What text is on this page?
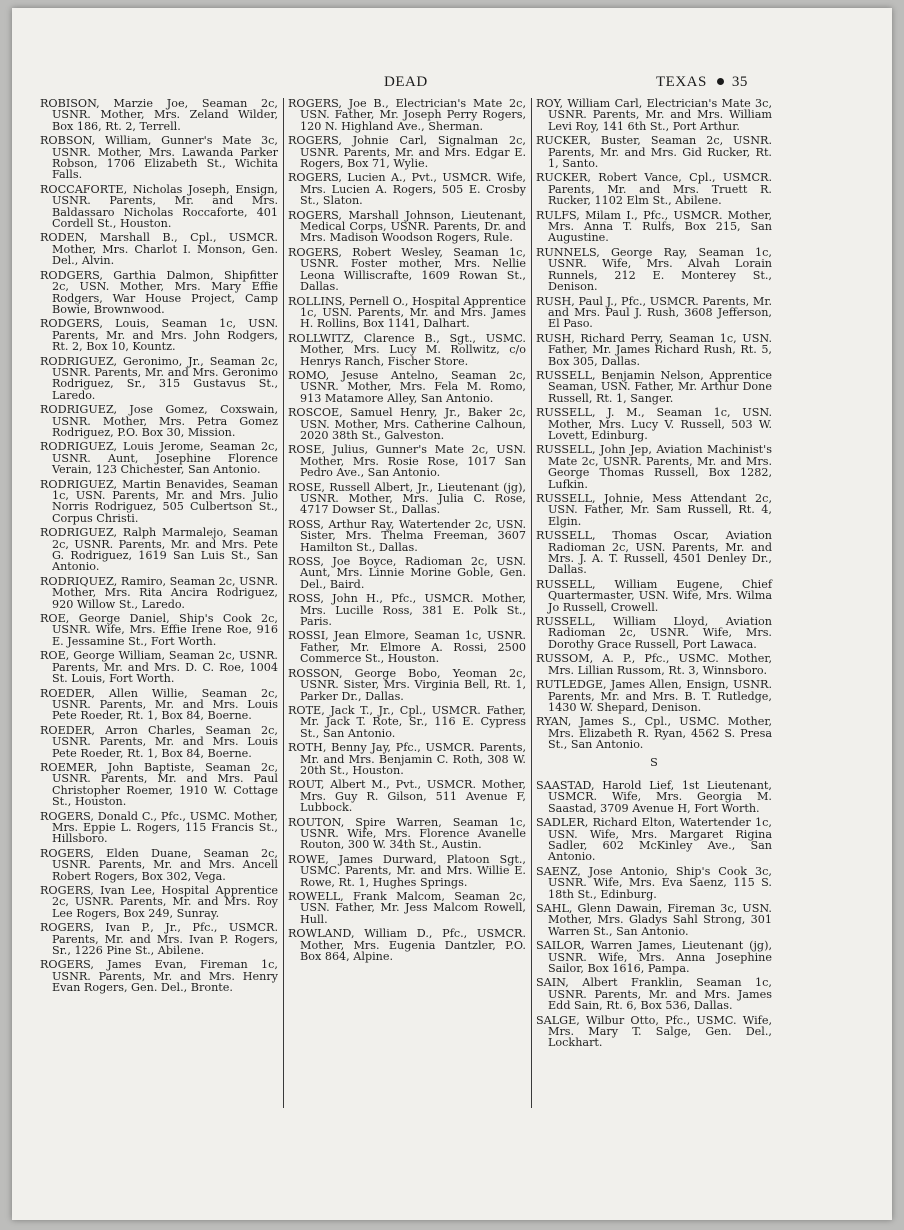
DEAD	TEXAS 35
ROBISON, Marzie Joe, Seaman 2c, USNR. Mother, Mrs. Zeland Wilder, Box 186, Rt. 2, Terrell.
ROBSON, William, Gunner's Mate 3c, USNR. Mother, Mrs. Lawanda Parker Robson, 1706 Elizabeth St., Wichita Falls.
ROCCAFORTE, Nicholas Joseph, Ensign, USNR. Parents, Mr. and Mrs. Baldassaro Nicholas Roccaforte, 401 Cordell St., Houston.
RODEN, Marshall B., Cpl., USMCR. Mother, Mrs. Charlot I. Monson, Gen. Del., Alvin.
RODGERS, Garthia Dalmon, Shipfitter 2c, USN. Mother, Mrs. Mary Effie Rodgers, War House Project, Camp Bowie, Brownwood.
RODGERS, Louis, Seaman 1c, USN. Parents, Mr. and Mrs. John Rodgers, Rt. 2, Box 10, Kountz.
RODRIGUEZ, Geronimo, Jr., Seaman 2c, USNR. Parents, Mr. and Mrs. Geronimo Rodriguez, Sr., 315 Gustavus St., Laredo.
RODRIGUEZ, Jose Gomez, Coxswain, USNR. Mother, Mrs. Petra Gomez Rodriguez, P.O. Box 30, Mission.
RODRIGUEZ, Louis Jerome, Seaman 2c, USNR. Aunt, Josephine Florence Verain, 123 Chichester, San Antonio.
RODRIGUEZ, Martin Benavides, Seaman 1c, USN. Parents, Mr. and Mrs. Julio Norris Rodriguez, 505 Culbertson St., Corpus Christi.
RODRIGUEZ, Ralph Marmalejo, Seaman 2c, USNR. Parents, Mr. and Mrs. Pete G. Rodriguez, 1619 San Luis St., San Antonio.
RODRIQUEZ, Ramiro, Seaman 2c, USNR. Mother, Mrs. Rita Ancira Rodriguez, 920 Willow St., Laredo.
ROE, George Daniel, Ship's Cook 2c, USNR. Wife, Mrs. Effie Irene Roe, 916 E. Jessamine St., Fort Worth.
ROE, George William, Seaman 2c, USNR. Parents, Mr. and Mrs. D. C. Roe, 1004 St. Louis, Fort Worth.
ROEDER, Allen Willie, Seaman 2c, USNR. Parents, Mr. and Mrs. Louis Pete Roeder, Rt. 1, Box 84, Boerne.
ROEDER, Arron Charles, Seaman 2c, USNR. Parents, Mr. and Mrs. Louis Pete Roeder, Rt. 1, Box 84, Boerne.
ROEMER, John Baptiste, Seaman 2c, USNR. Parents, Mr. and Mrs. Paul Christopher Roemer, 1910 W. Cottage St., Houston.
ROGERS, Donald C., Pfc., USMC. Mother, Mrs. Eppie L. Rogers, 115 Francis St., Hillsboro.
ROGERS, Elden Duane, Seaman 2c, USNR. Parents, Mr. and Mrs. Ancell Robert Rogers, Box 302, Vega.
ROGERS, Ivan Lee, Hospital Apprentice 2c, USNR. Parents, Mr. and Mrs. Roy Lee Rogers, Box 249, Sunray.
ROGERS, Ivan P., Jr., Pfc., USMCR. Parents, Mr. and Mrs. Ivan P. Rogers, Sr., 1226 Pine St., Abilene.
ROGERS, James Evan, Fireman 1c, USNR. Parents, Mr. and Mrs. Henry Evan Rogers, Gen. Del., Bronte.
ROGERS, Joe B., Electrician's Mate 2c, USN. Father, Mr. Joseph Perry Rogers, 120 N. Highland Ave., Sherman.
ROGERS, Johnie Carl, Signalman 2c, USNR. Parents, Mr. and Mrs. Edgar E. Rogers, Box 71, Wylie.
ROGERS, Lucien A., Pvt., USMCR. Wife, Mrs. Lucien A. Rogers, 505 E. Crosby St., Slaton.
ROGERS, Marshall Johnson, Lieutenant, Medical Corps, USNR. Parents, Dr. and Mrs. Madison Woodson Rogers, Rule.
ROGERS, Robert Wesley, Seaman 1c, USNR. Foster mother, Mrs. Nellie Leona Williscrafte, 1609 Rowan St., Dallas.
ROLLINS, Pernell O., Hospital Apprentice 1c, USN. Parents, Mr. and Mrs. James H. Rollins, Box 1141, Dalhart.
ROLLWITZ, Clarence B., Sgt., USMC. Mother, Mrs. Lucy M. Rollwitz, c/o Henrys Ranch, Fischer Store.
ROMO, Jesuse Antelno, Seaman 2c, USNR. Mother, Mrs. Fela M. Romo, 913 Matamore Alley, San Antonio.
ROSCOE, Samuel Henry, Jr., Baker 2c, USN. Mother, Mrs. Catherine Calhoun, 2020 38th St., Galveston.
ROSE, Julius, Gunner's Mate 2c, USN. Mother, Mrs. Rosie Rose, 1017 San Pedro Ave., San Antonio.
ROSE, Russell Albert, Jr., Lieutenant (jg), USNR. Mother, Mrs. Julia C. Rose, 4717 Dowser St., Dallas.
ROSS, Arthur Ray, Watertender 2c, USN. Sister, Mrs. Thelma Freeman, 3607 Hamilton St., Dallas.
ROSS, Joe Boyce, Radioman 2c, USN. Aunt, Mrs. Linnie Morine Goble, Gen. Del., Baird.
ROSS, John H., Pfc., USMCR. Mother, Mrs. Lucille Ross, 381 E. Polk St., Paris.
ROSSI, Jean Elmore, Seaman 1c, USNR. Father, Mr. Elmore A. Rossi, 2500 Commerce St., Houston.
ROSSON, George Bobo, Yeoman 2c, USNR. Sister, Mrs. Virginia Bell, Rt. 1, Parker Dr., Dallas.
ROTE, Jack T., Jr., Cpl., USMCR. Father, Mr. Jack T. Rote, Sr., 116 E. Cypress St., San Antonio.
ROTH, Benny Jay, Pfc., USMCR. Parents, Mr. and Mrs. Benjamin C. Roth, 308 W. 20th St., Houston.
ROUT, Albert M., Pvt., USMCR. Mother, Mrs. Guy R. Gilson, 511 Avenue F, Lubbock.
ROUTON, Spire Warren, Seaman 1c, USNR. Wife, Mrs. Florence Avanelle Routon, 300 W. 34th St., Austin.
ROWE, James Durward, Platoon Sgt., USMC. Parents, Mr. and Mrs. Willie E. Rowe, Rt. 1, Hughes Springs.
ROWELL, Frank Malcom, Seaman 2c, USN. Father, Mr. Jess Malcom Rowell, Hull.
ROWLAND, William D., Pfc., USMCR. Mother, Mrs. Eugenia Dantzler, P.O. Box 864, Alpine.
ROY, William Carl, Electrician's Mate 3c, USNR. Parents, Mr. and Mrs. William Levi Roy, 141 6th St., Port Arthur.
RUCKER, Buster, Seaman 2c, USNR. Parents, Mr. and Mrs. Gid Rucker, Rt. 1, Santo.
RUCKER, Robert Vance, Cpl., USMCR. Parents, Mr. and Mrs. Truett R. Rucker, 1102 Elm St., Abilene.
RULFS, Milam I., Pfc., USMCR. Mother, Mrs. Anna T. Rulfs, Box 215, San Augustine.
RUNNELS, George Ray, Seaman 1c, USNR. Wife, Mrs. Alvah Lorain Runnels, 212 E. Monterey St., Denison.
RUSH, Paul J., Pfc., USMCR. Parents, Mr. and Mrs. Paul J. Rush, 3608 Jefferson, El Paso.
RUSH, Richard Perry, Seaman 1c, USN. Father, Mr. James Richard Rush, Rt. 5, Box 305, Dallas.
RUSSELL, Benjamin Nelson, Apprentice Seaman, USN. Father, Mr. Arthur Done Russell, Rt. 1, Sanger.
RUSSELL, J. M., Seaman 1c, USN. Mother, Mrs. Lucy V. Russell, 503 W. Lovett, Edinburg.
RUSSELL, John Jep, Aviation Machinist's Mate 2c, USNR. Parents, Mr. and Mrs. George Thomas Russell, Box 1282, Lufkin.
RUSSELL, Johnie, Mess Attendant 2c, USN. Father, Mr. Sam Russell, Rt. 4, Elgin.
RUSSELL, Thomas Oscar, Aviation Radioman 2c, USN. Parents, Mr. and Mrs. J. A. T. Russell, 4501 Denley Dr., Dallas.
RUSSELL, William Eugene, Chief Quartermaster, USN. Wife, Mrs. Wilma Jo Russell, Crowell.
RUSSELL, William Lloyd, Aviation Radioman 2c, USNR. Wife, Mrs. Dorothy Grace Russell, Port Lawaca.
RUSSOM, A. P., Pfc., USMC. Mother, Mrs. Lillian Russom, Rt. 3, Winnsboro.
RUTLEDGE, James Allen, Ensign, USNR. Parents, Mr. and Mrs. B. T. Rutledge, 1430 W. Shepard, Denison.
RYAN, James S., Cpl., USMC. Mother, Mrs. Elizabeth R. Ryan, 4562 S. Presa St., San Antonio.
S
SAASTAD, Harold Lief, 1st Lieutenant, USMCR. Wife, Mrs. Georgia M. Saastad, 3709 Avenue H, Fort Worth.
SADLER, Richard Elton, Watertender 1c, USN. Wife, Mrs. Margaret Rigina Sadler, 602 McKinley Ave., San Antonio.
SAENZ, Jose Antonio, Ship's Cook 3c, USNR. Wife, Mrs. Eva Saenz, 115 S. 18th St., Edinburg.
SAHL, Glenn Dawain, Fireman 3c, USN. Mother, Mrs. Gladys Sahl Strong, 301 Warren St., San Antonio.
SAILOR, Warren James, Lieutenant (jg), USNR. Wife, Mrs. Anna Josephine Sailor, Box 1616, Pampa.
SAIN, Albert Franklin, Seaman 1c, USNR. Parents, Mr. and Mrs. James Edd Sain, Rt. 6, Box 536, Dallas.
SALGE, Wilbur Otto, Pfc., USMC. Wife, Mrs. Mary T. Salge, Gen. Del., Lockhart.
